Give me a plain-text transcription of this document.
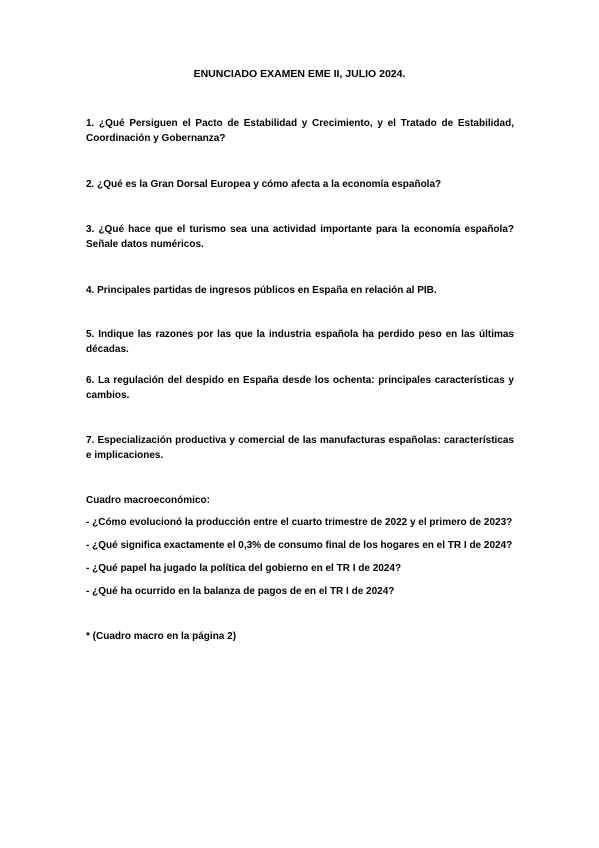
ENUNCIADO EXAMEN EME II, JULIO 2024.
1. ¿Qué Persiguen el Pacto de Estabilidad y Crecimiento, y el Tratado de Estabilidad, Coordinación y Gobernanza?
2. ¿Qué es la Gran Dorsal Europea y cómo afecta a la economía española?
3. ¿Qué hace que el turismo sea una actividad importante para la economía española? Señale datos numéricos.
4. Principales partidas de ingresos públicos en España en relación al PIB.
5. Indique las razones por las que la industria española ha perdido peso en las últimas décadas.
6. La regulación del despido en España desde los ochenta: principales características y cambios.
7. Especialización productiva y comercial de las manufacturas españolas: características e implicaciones.
Cuadro macroeconómico:
- ¿Cómo evolucionó la producción entre el cuarto trimestre de 2022 y el primero de 2023?
- ¿Qué significa exactamente el 0,3% de consumo final de los hogares en el TR I de 2024?
- ¿Qué papel ha jugado la política del gobierno en el TR I de 2024?
- ¿Qué ha ocurrido en la balanza de pagos de en el TR I de 2024?
* (Cuadro macro en la página 2)
